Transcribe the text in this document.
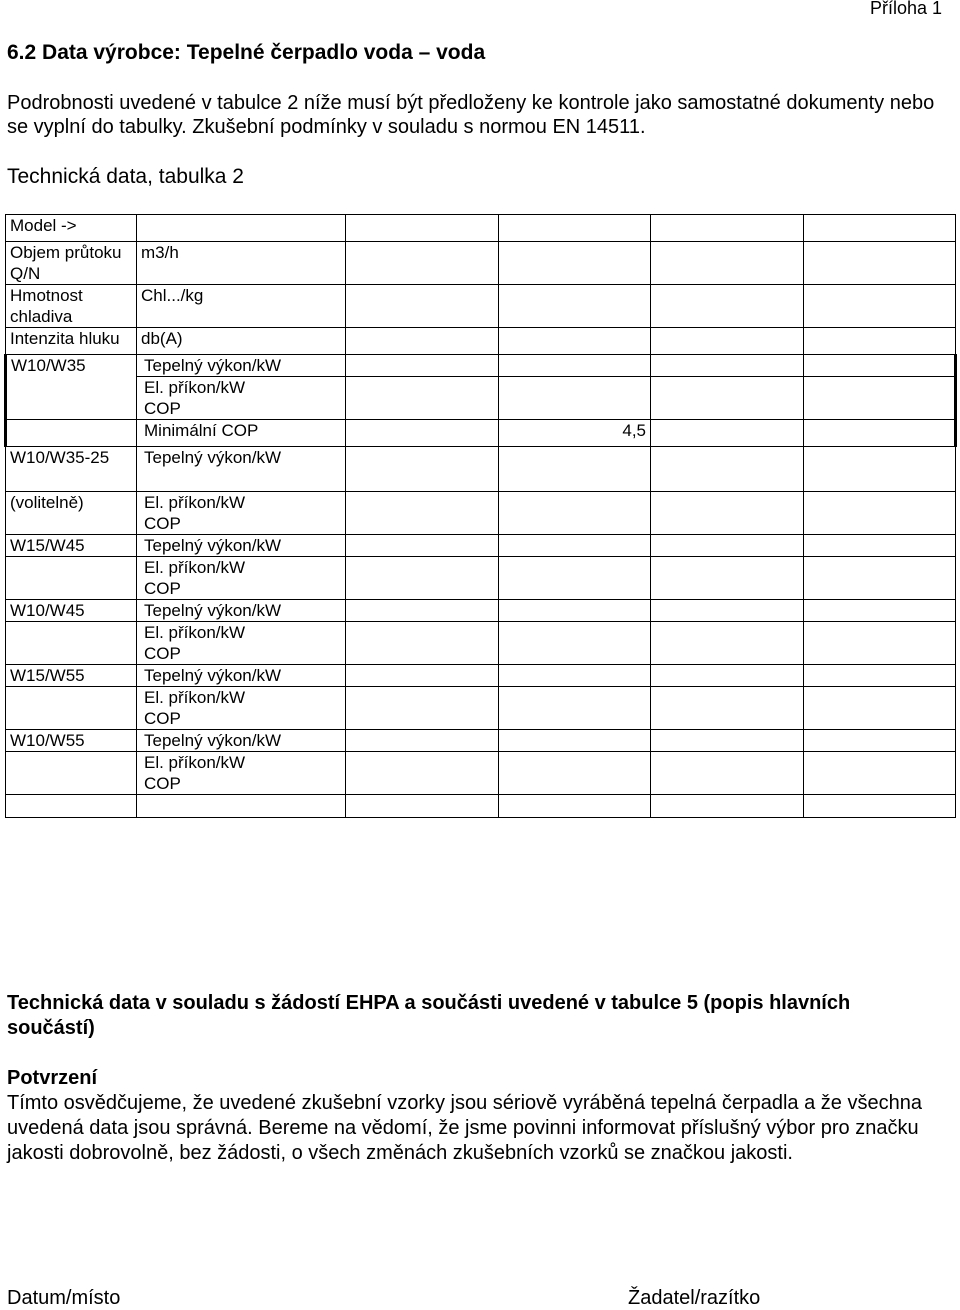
Příloha 1
6.2 Data výrobce: Tepelné čerpadlo voda – voda
Podrobnosti uvedené v tabulce 2 níže musí být předloženy ke kontrole jako samostatné dokumenty nebo se vyplní do tabulky. Zkušební podmínky v souladu s normou EN 14511.
Technická data, tabulka 2
Model ->					
Objem průtoku Q/N	m3/h				
Hmotnost chladiva	Chl.../kg				
Intenzita hluku	db(A)				
W10/W35	Tepelný výkon/kW				

	El. příkon/kW
COP				

	Minimální COP		4,5		

W10/W35-25	Tepelný výkon/kW				
(volitelně)	El. příkon/kW
COP				

W15/W45	Tepelný výkon/kW				

	El. příkon/kW
COP				

W10/W45	Tepelný výkon/kW				

	El. příkon/kW
COP				

W15/W55	Tepelný výkon/kW				

	El. příkon/kW
COP				

W10/W55	Tepelný výkon/kW				

	El. příkon/kW
COP				

Technická data v souladu s žádostí EHPA a součásti uvedené v tabulce 5 (popis hlavních součástí)
Potvrzení
Tímto osvědčujeme, že uvedené zkušební vzorky jsou sériově vyráběná tepelná čerpadla a že všechna uvedená data jsou správná. Bereme na vědomí, že jsme povinni informovat příslušný výbor pro značku jakosti dobrovolně, bez žádosti, o všech změnách zkušebních vzorků se značkou jakosti.
Datum/místo	Žadatel/razítko
